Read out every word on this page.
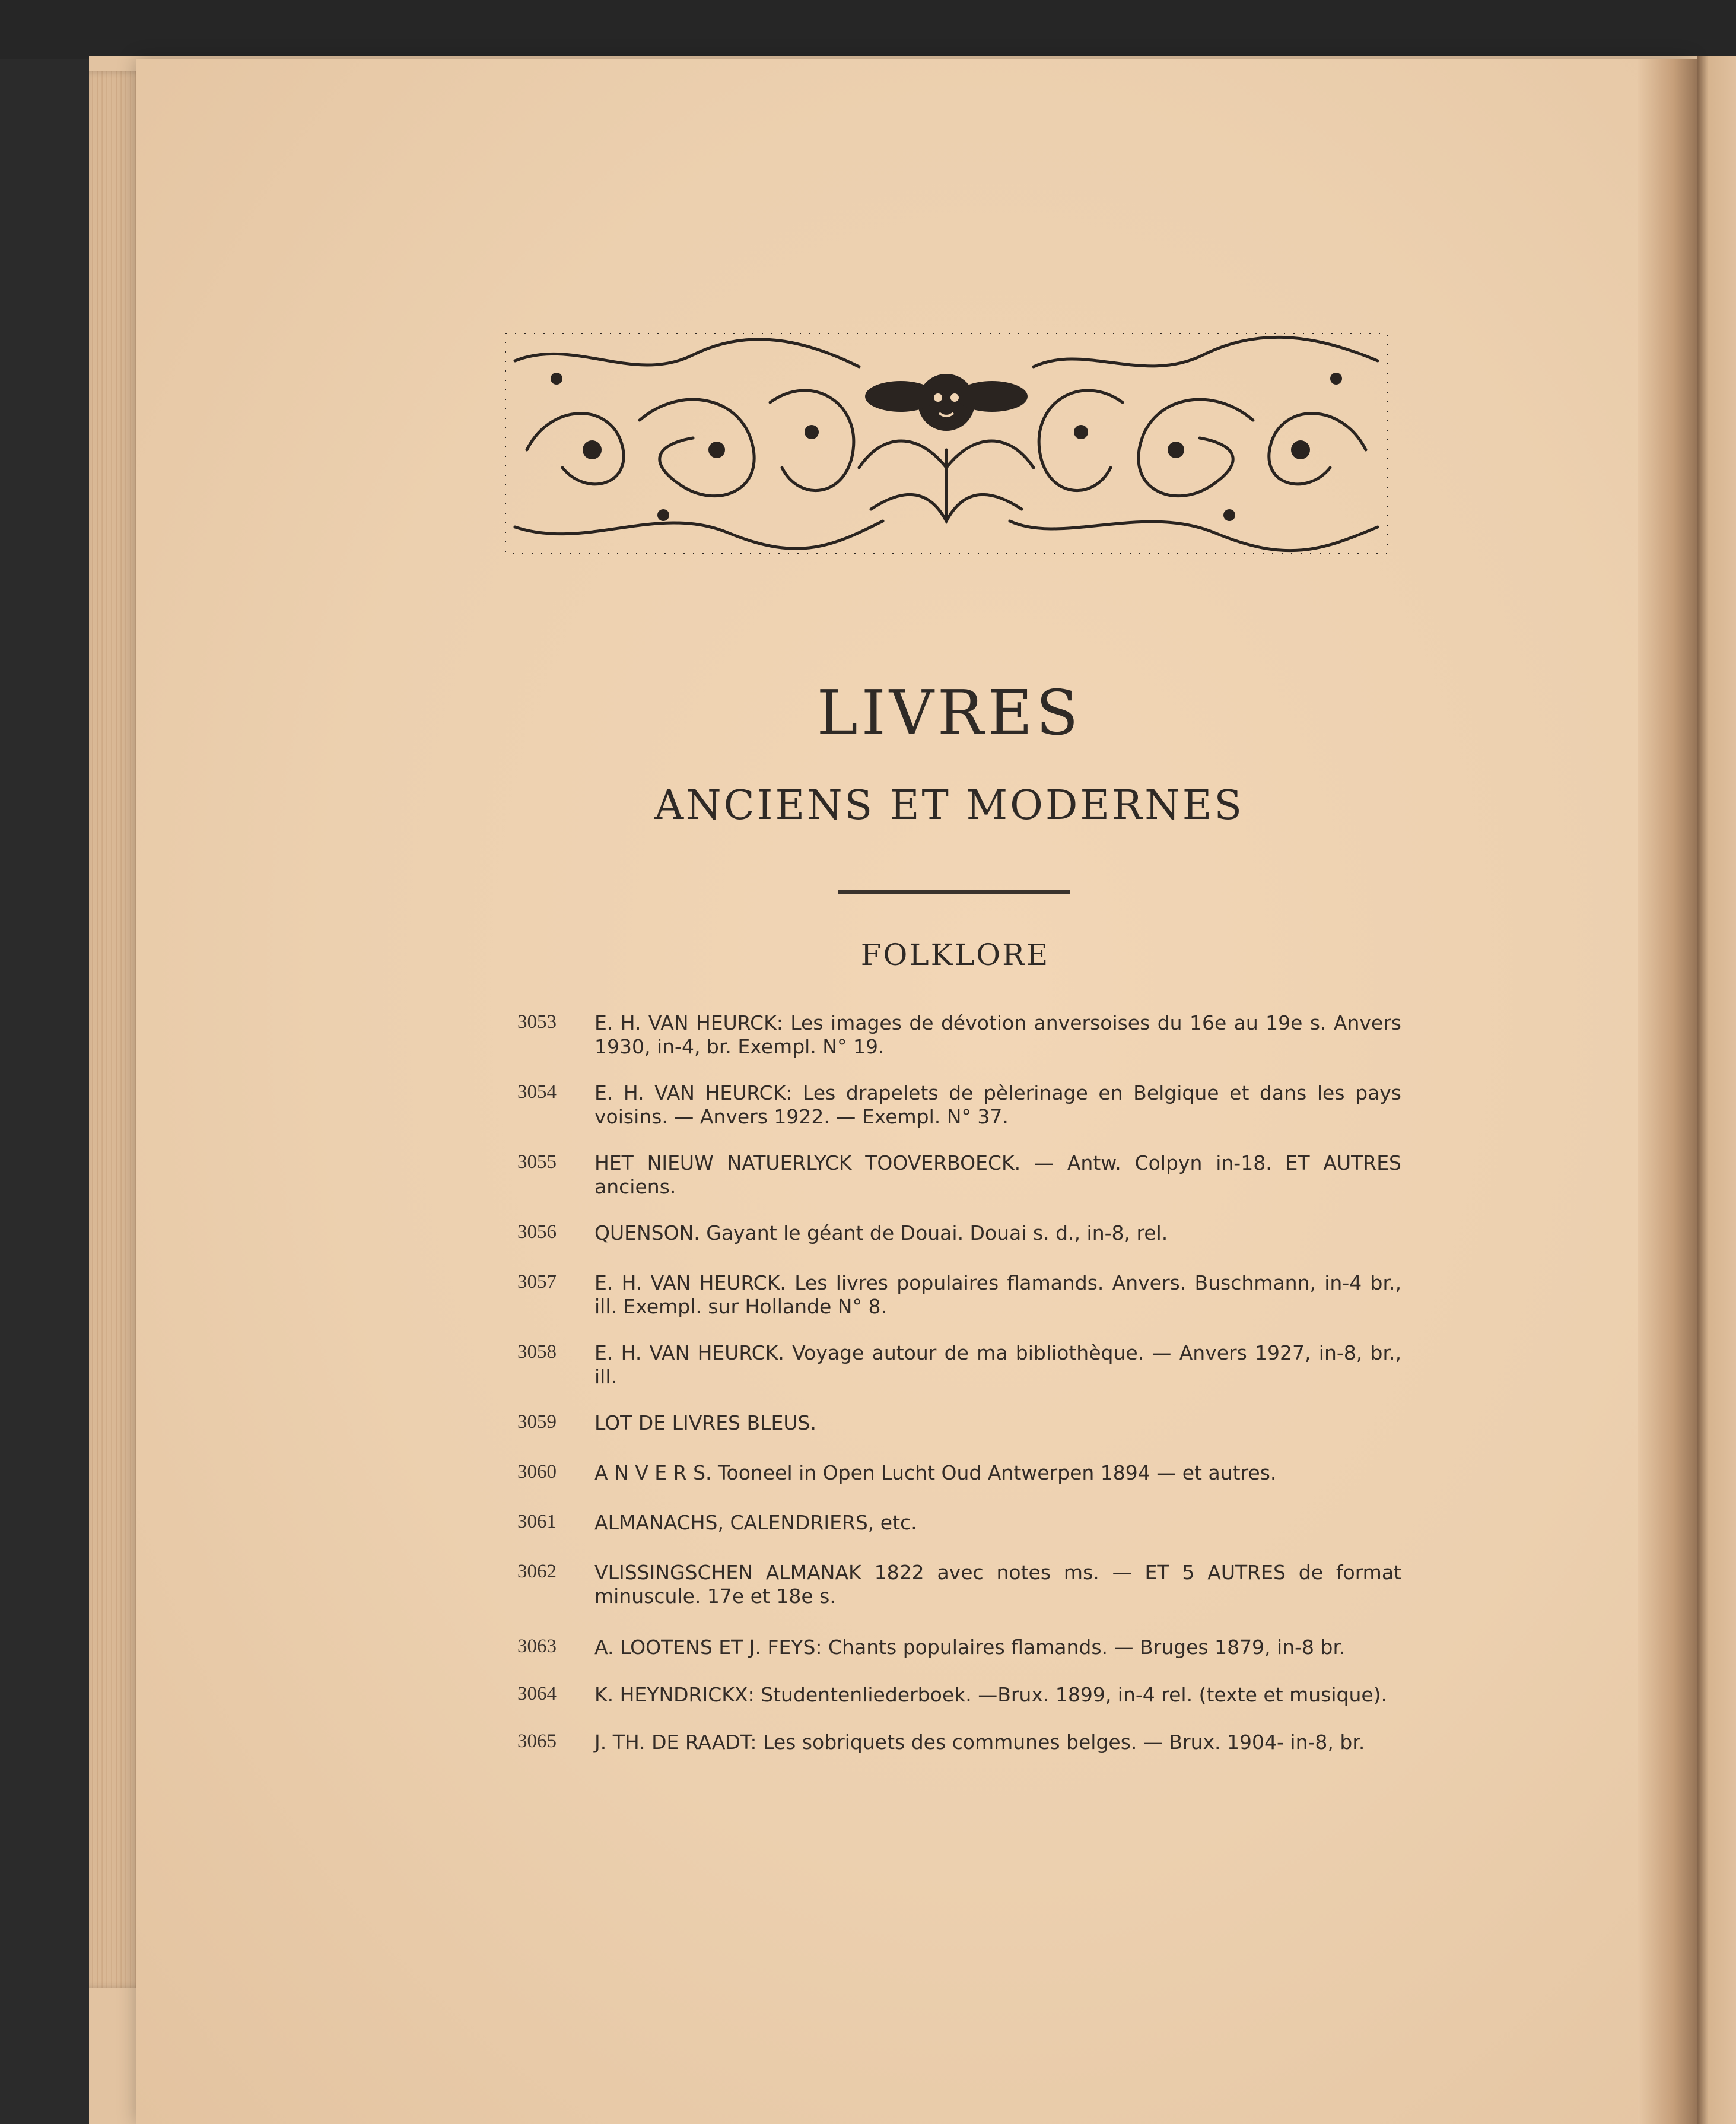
LIVRES
ANCIENS ET MODERNES
FOLKLORE
3053 E. H. VAN HEURCK: Les images de dévotion anversoises du 16e au 19e s. Anvers 1930, in-4, br. Exempl. N° 19.
3054 E. H. VAN HEURCK: Les drapelets de pèlerinage en Belgique et dans les pays voisins. — Anvers 1922. — Exempl. N° 37.
3055 HET NIEUW NATUERLYCK TOOVERBOECK. — Antw. Colpyn in-18. ET AUTRES anciens.
3056 QUENSON. Gayant le géant de Douai. Douai s. d., in-8, rel.
3057 E. H. VAN HEURCK. Les livres populaires flamands. Anvers. Buschmann, in-4 br., ill. Exempl. sur Hollande N° 8.
3058 E. H. VAN HEURCK. Voyage autour de ma bibliothèque. — Anvers 1927, in-8, br., ill.
3059 LOT DE LIVRES BLEUS.
3060 A N V E R S. Tooneel in Open Lucht Oud Antwerpen 1894 — et autres.
3061 ALMANACHS, CALENDRIERS, etc.
3062 VLISSINGSCHEN ALMANAK 1822 avec notes ms. — ET 5 AUTRES de format minuscule. 17e et 18e s.
3063 A. LOOTENS ET J. FEYS: Chants populaires flamands. — Bruges 1879, in-8 br.
3064 K. HEYNDRICKX: Studentenliederboek. —Brux. 1899, in-4 rel. (texte et musique).
3065 J. TH. DE RAADT: Les sobriquets des communes belges. — Brux. 1904- in-8, br.
